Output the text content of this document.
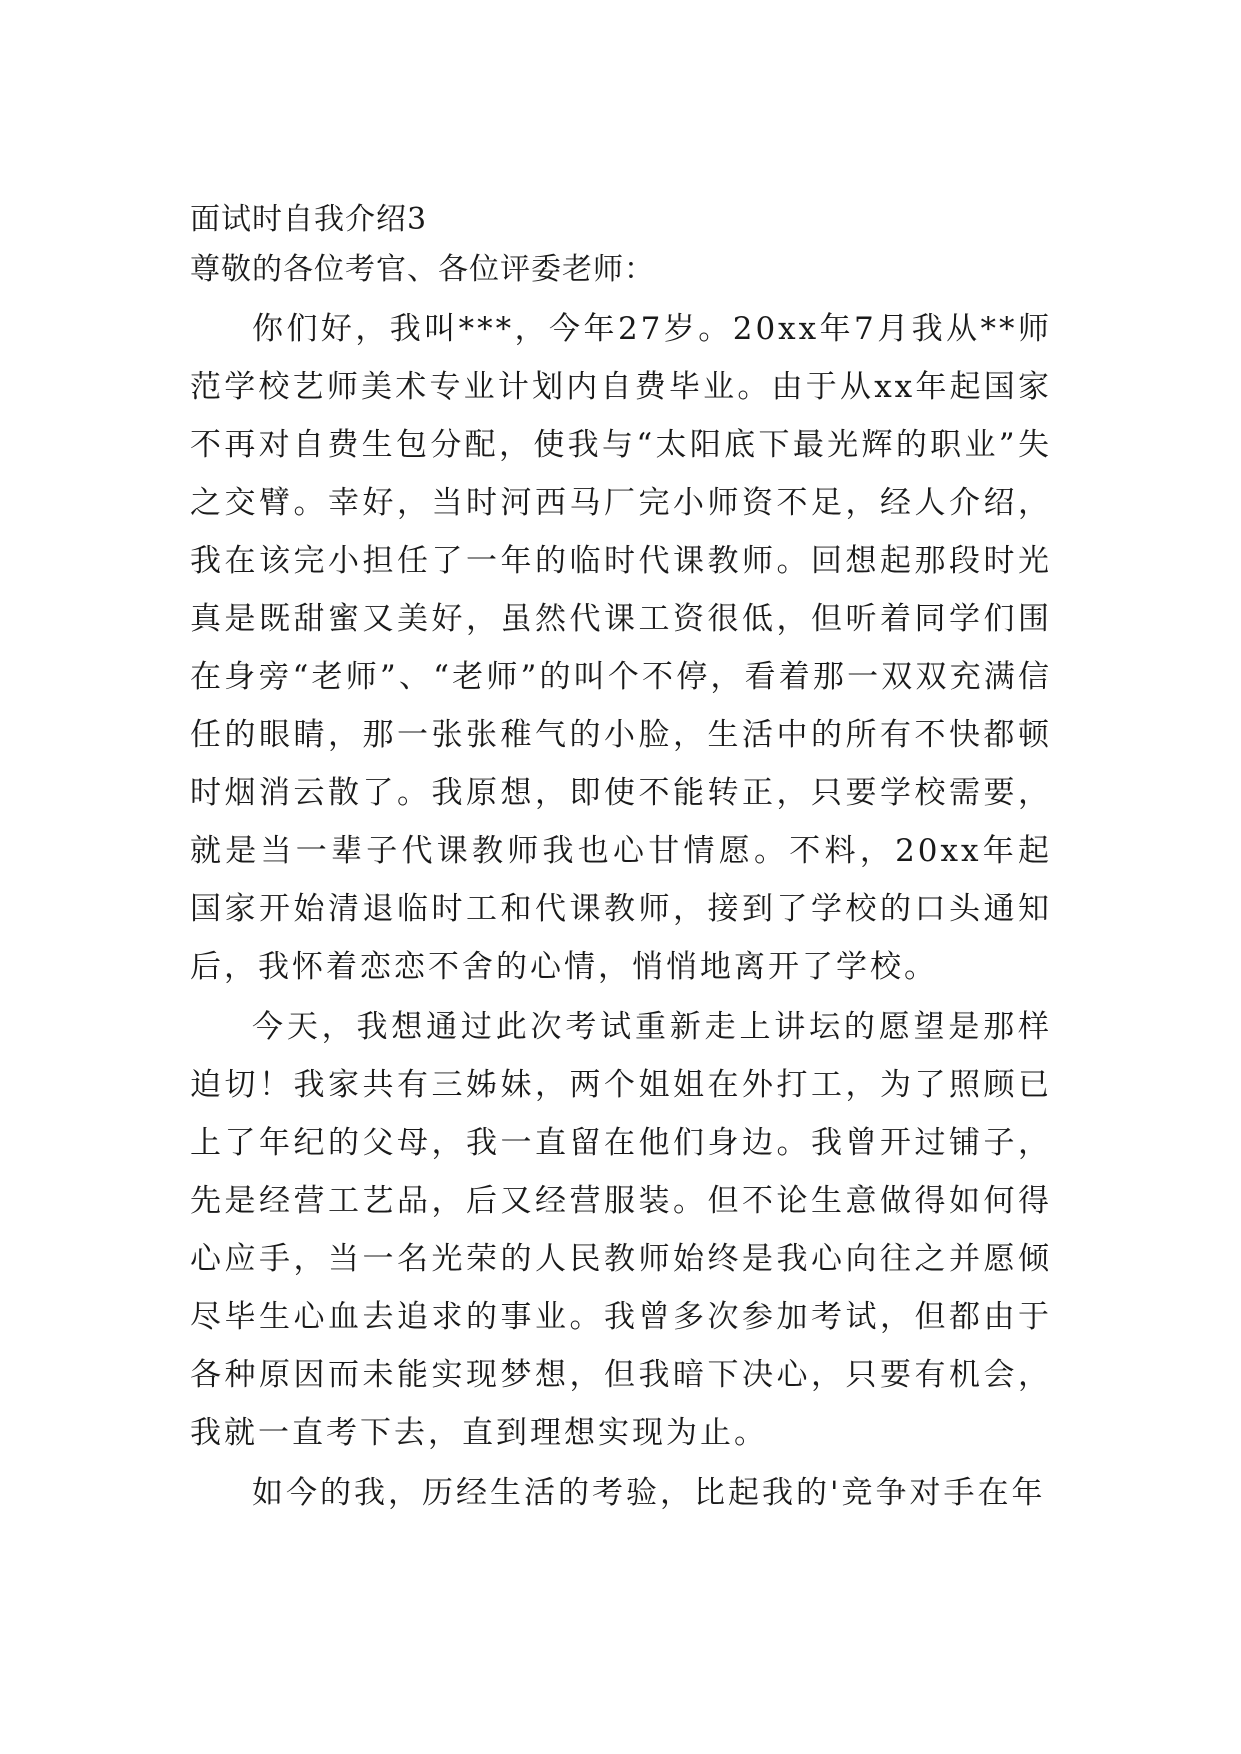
面试时自我介绍3
尊敬的各位考官、各位评委老师：

你们好，我叫***，今年27岁。20xx年7月我从**师范学校艺师美术专业计划内自费毕业。由于从xx年起国家不再对自费生包分配，使我与“太阳底下最光辉的职业”失之交臂。幸好，当时河西马厂完小师资不足，经人介绍，我在该完小担任了一年的临时代课教师。回想起那段时光真是既甜蜜又美好，虽然代课工资很低，但听着同学们围在身旁“老师”、“老师”的叫个不停，看着那一双双充满信任的眼睛，那一张张稚气的小脸，生活中的所有不快都顿时烟消云散了。我原想，即使不能转正，只要学校需要，就是当一辈子代课教师我也心甘情愿。不料，20xx年起国家开始清退临时工和代课教师，接到了学校的口头通知后，我怀着恋恋不舍的心情，悄悄地离开了学校。

今天，我想通过此次考试重新走上讲坛的愿望是那样迫切！我家共有三姊妹，两个姐姐在外打工，为了照顾已上了年纪的父母，我一直留在他们身边。我曾开过铺子，先是经营工艺品，后又经营服装。但不论生意做得如何得心应手，当一名光荣的人民教师始终是我心向往之并愿倾尽毕生心血去追求的事业。我曾多次参加考试，但都由于各种原因而未能实现梦想，但我暗下决心，只要有机会，我就一直考下去，直到理想实现为止。

如今的我，历经生活的考验，比起我的'竞争对手在年
